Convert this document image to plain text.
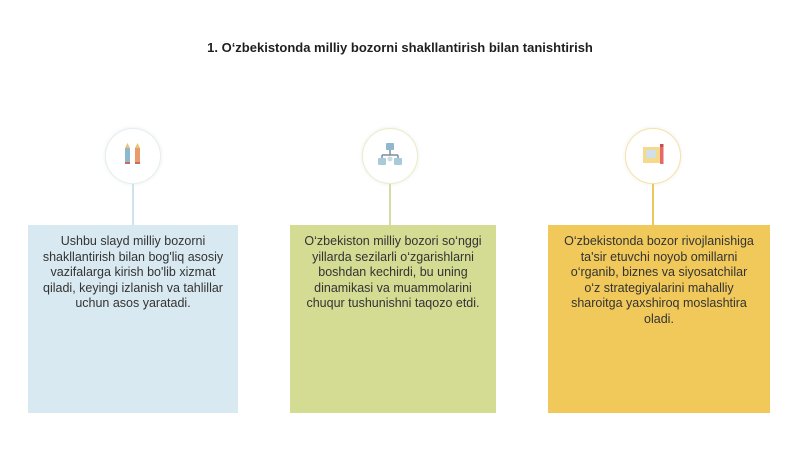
1. O‘zbekistonda milliy bozorni shakllantirish bilan tanishtirish
Ushbu slayd milliy bozorni shakllantirish bilan bog'liq asosiy vazifalarga kirish bo'lib xizmat qiladi, keyingi izlanish va tahlillar uchun asos yaratadi.
O‘zbekiston milliy bozori so‘nggi yillarda sezilarli o‘zgarishlarni boshdan kechirdi, bu uning dinamikasi va muammolarini chuqur tushunishni taqozo etdi.
O‘zbekistonda bozor rivojlanishiga ta'sir etuvchi noyob omillarni o‘rganib, biznes va siyosatchilar o‘z strategiyalarini mahalliy sharoitga yaxshiroq moslashtira oladi.
